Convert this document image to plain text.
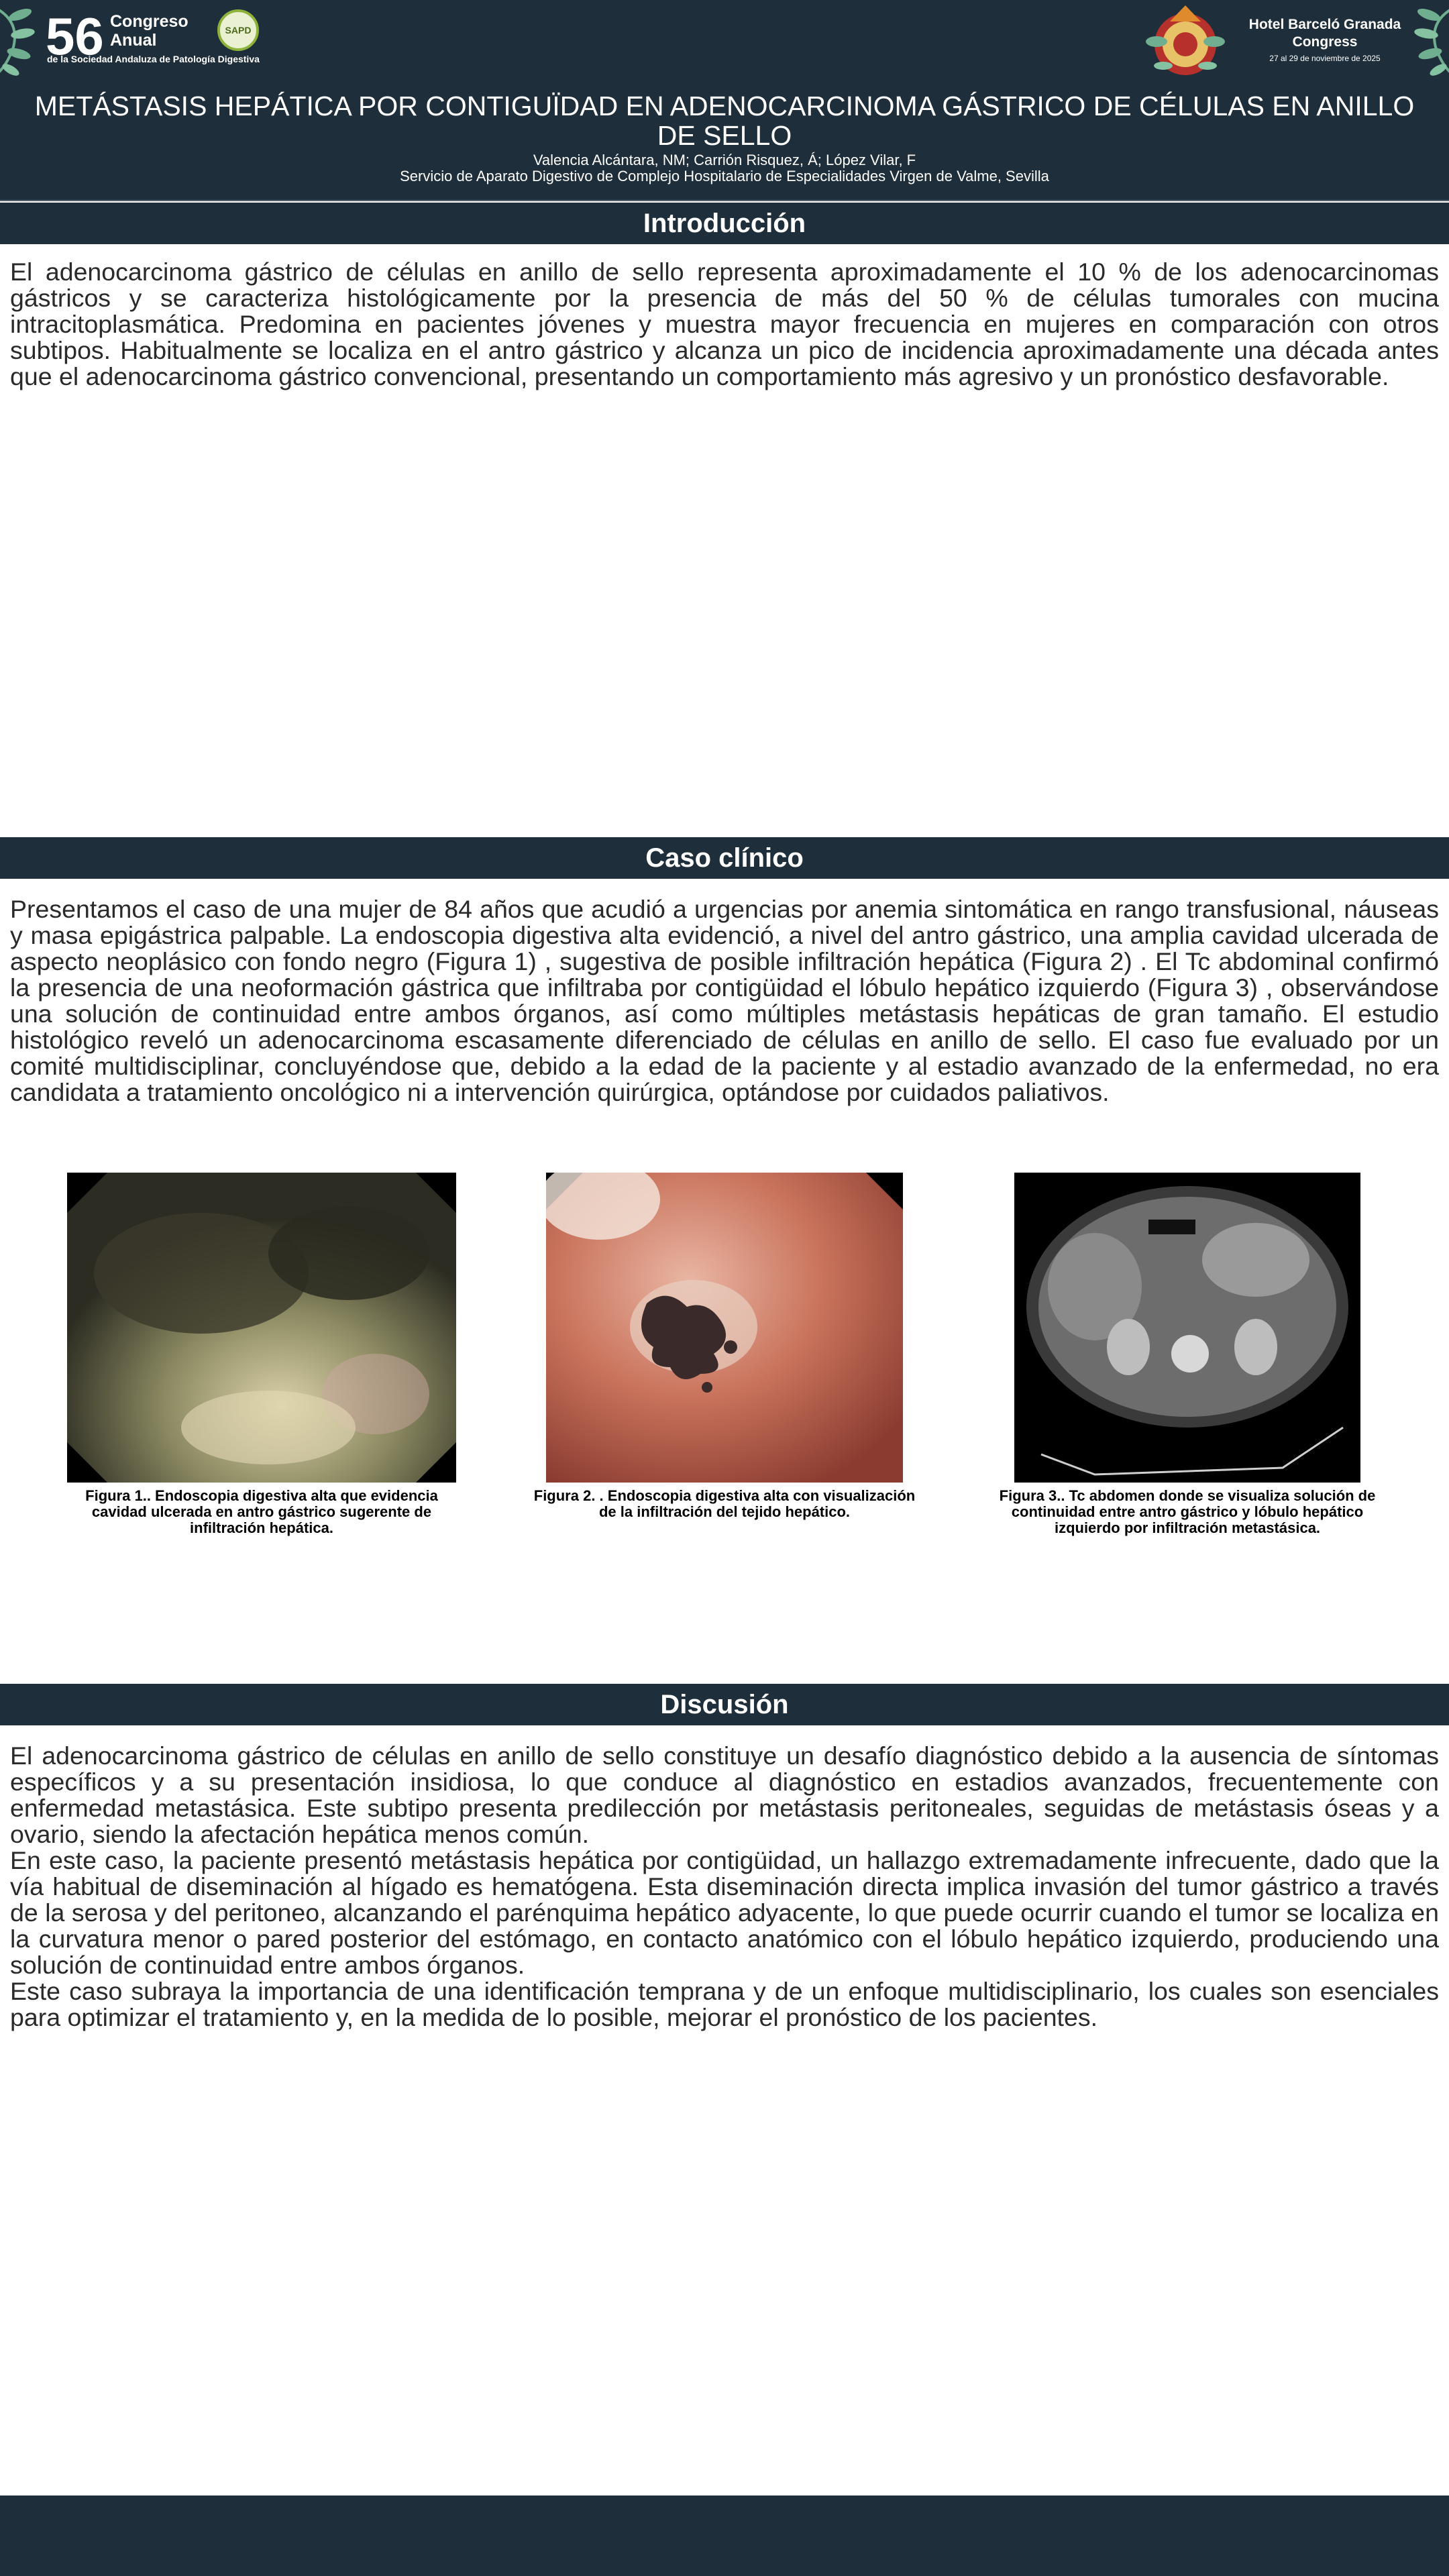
56 Congreso Anual
de la Sociedad Andaluza de Patología Digestiva
SAPD	Hotel Barceló Granada Congress
27 al 29 de noviembre de 2025
METÁSTASIS HEPÁTICA POR CONTIGUÏDAD EN ADENOCARCINOMA GÁSTRICO DE CÉLULAS EN ANILLO DE SELLO
Valencia Alcántara, NM; Carrión Risquez, Á; López Vilar, F
Servicio de Aparato Digestivo de Complejo Hospitalario de Especialidades Virgen de Valme, Sevilla
Introducción

El adenocarcinoma gástrico de células en anillo de sello representa aproximadamente el 10 % de los adenocarcinomas gástricos y se caracteriza histológicamente por la presencia de más del 50 % de células tumorales con mucina intracitoplasmática. Predomina en pacientes jóvenes y muestra mayor frecuencia en mujeres en comparación con otros subtipos. Habitualmente se localiza en el antro gástrico y alcanza un pico de incidencia aproximadamente una década antes que el adenocarcinoma gástrico convencional, presentando un comportamiento más agresivo y un pronóstico desfavorable.

Caso clínico

Presentamos el caso de una mujer de 84 años que acudió a urgencias por anemia sintomática en rango transfusional, náuseas y masa epigástrica palpable. La endoscopia digestiva alta evidenció, a nivel del antro gástrico, una amplia cavidad ulcerada de aspecto neoplásico con fondo negro (Figura 1) , sugestiva de posible infiltración hepática (Figura 2) . El Tc abdominal confirmó la presencia de una neoformación gástrica que infiltraba por contigüidad el lóbulo hepático izquierdo (Figura 3) , observándose una solución de continuidad entre ambos órganos, así como múltiples metástasis hepáticas de gran tamaño. El estudio histológico reveló un adenocarcinoma escasamente diferenciado de células en anillo de sello. El caso fue evaluado por un comité multidisciplinar, concluyéndose que, debido a la edad de la paciente y al estadio avanzado de la enfermedad, no era candidata a tratamiento oncológico ni a intervención quirúrgica, optándose por cuidados paliativos.

Figura 1.. Endoscopia digestiva alta que evidencia cavidad ulcerada en antro gástrico sugerente de infiltración hepática.
Figura 2. . Endoscopia digestiva alta con visualización de la infiltración del tejido hepático.
Figura 3.. Tc abdomen donde se visualiza solución de continuidad entre antro gástrico y lóbulo hepático izquierdo por infiltración metastásica.
Discusión

El adenocarcinoma gástrico de células en anillo de sello constituye un desafío diagnóstico debido a la ausencia de síntomas específicos y a su presentación insidiosa, lo que conduce al diagnóstico en estadios avanzados, frecuentemente con enfermedad metastásica. Este subtipo presenta predilección por metástasis peritoneales, seguidas de metástasis óseas y a ovario, siendo la afectación hepática menos común.

En este caso, la paciente presentó metástasis hepática por contigüidad, un hallazgo extremadamente infrecuente, dado que la vía habitual de diseminación al hígado es hematógena. Esta diseminación directa implica invasión del tumor gástrico a través de la serosa y del peritoneo, alcanzando el parénquima hepático adyacente, lo que puede ocurrir cuando el tumor se localiza en la curvatura menor o pared posterior del estómago, en contacto anatómico con el lóbulo hepático izquierdo, produciendo una solución de continuidad entre ambos órganos.

Este caso subraya la importancia de una identificación temprana y de un enfoque multidisciplinario, los cuales son esenciales para optimizar el tratamiento y, en la medida de lo posible, mejorar el pronóstico de los pacientes.
